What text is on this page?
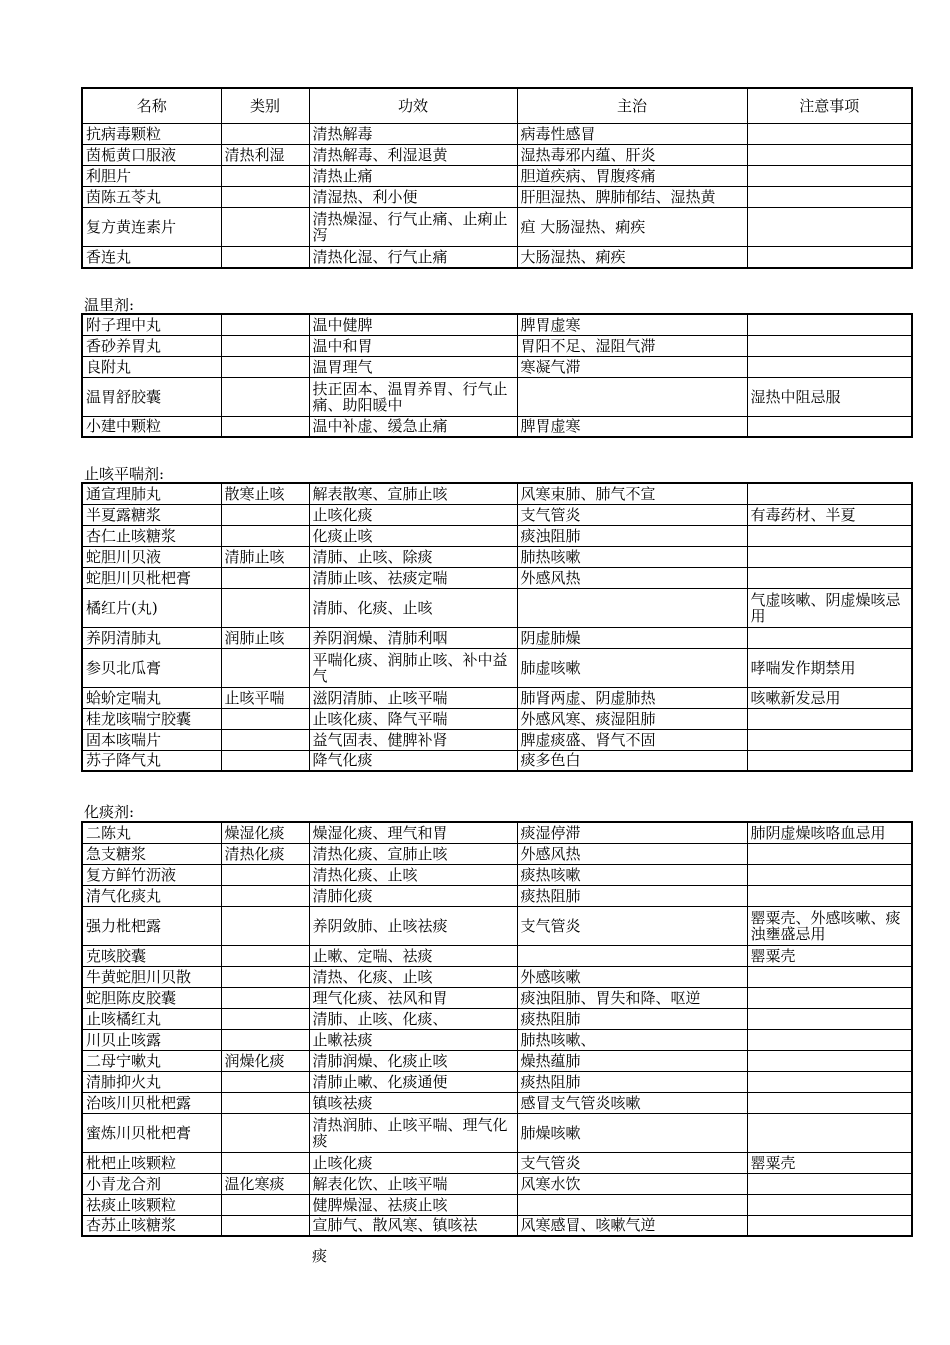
名称	类别	功效	主治	注意事项
抗病毒颗粒		清热解毒	病毒性感冒	
茵栀黄口服液	清热利湿	清热解毒、利湿退黄	湿热毒邪内蕴、肝炎	
利胆片		清热止痛	胆道疾病、胃腹疼痛	
茵陈五苓丸		清湿热、利小便	肝胆湿热、脾肺郁结、湿热黄	
复方黄连素片		清热燥湿、行气止痛、止痢止泻	疸 大肠湿热、痢疾	
香连丸		清热化湿、行气止痛	大肠湿热、痢疾	
温里剂:
附子理中丸		温中健脾	脾胃虚寒	
香砂养胃丸		温中和胃	胃阳不足、湿阻气滞	
良附丸		温胃理气	寒凝气滞	
温胃舒胶囊		扶正固本、温胃养胃、行气止痛、助阳暖中		湿热中阻忌服
小建中颗粒		温中补虚、缓急止痛	脾胃虚寒	
止咳平喘剂:
通宣理肺丸	散寒止咳	解表散寒、宣肺止咳	风寒束肺、肺气不宣	
半夏露糖浆		止咳化痰	支气管炎	有毒药材、半夏
杏仁止咳糖浆		化痰止咳	痰浊阻肺	
蛇胆川贝液	清肺止咳	清肺、止咳、除痰	肺热咳嗽	
蛇胆川贝枇杷膏		清肺止咳、祛痰定喘	外感风热	
橘红片(丸)		清肺、化痰、止咳		气虚咳嗽、阴虚燥咳忌用
养阴清肺丸	润肺止咳	养阴润燥、清肺利咽	阴虚肺燥	
参贝北瓜膏		平喘化痰、润肺止咳、补中益气	肺虚咳嗽	哮喘发作期禁用
蛤蚧定喘丸	止咳平喘	滋阴清肺、止咳平喘	肺肾两虚、阴虚肺热	咳嗽新发忌用
桂龙咳喘宁胶囊		止咳化痰、降气平喘	外感风寒、痰湿阻肺	
固本咳喘片		益气固表、健脾补肾	脾虚痰盛、肾气不固	
苏子降气丸		降气化痰	痰多色白	
化痰剂:
二陈丸	燥湿化痰	燥湿化痰、理气和胃	痰湿停滞	肺阴虚燥咳咯血忌用
急支糖浆	清热化痰	清热化痰、宣肺止咳	外感风热	
复方鲜竹沥液		清热化痰、止咳	痰热咳嗽	
清气化痰丸		清肺化痰	痰热阻肺	
强力枇杷露		养阴敛肺、止咳祛痰	支气管炎	罂粟壳、外感咳嗽、痰浊壅盛忌用
克咳胶囊		止嗽、定喘、祛痰		罂粟壳
牛黄蛇胆川贝散		清热、化痰、止咳	外感咳嗽	
蛇胆陈皮胶囊		理气化痰、祛风和胃	痰浊阻肺、胃失和降、呕逆	
止咳橘红丸		清肺、止咳、化痰、	痰热阻肺	
川贝止咳露		止嗽祛痰	肺热咳嗽、	
二母宁嗽丸	润燥化痰	清肺润燥、化痰止咳	燥热蕴肺	
清肺抑火丸		清肺止嗽、化痰通便	痰热阻肺	
治咳川贝枇杷露		镇咳祛痰	感冒支气管炎咳嗽	
蜜炼川贝枇杷膏		清热润肺、止咳平喘、理气化痰	肺燥咳嗽	
枇杷止咳颗粒		止咳化痰	支气管炎	罂粟壳
小青龙合剂	温化寒痰	解表化饮、止咳平喘	风寒水饮	
祛痰止咳颗粒		健脾燥湿、祛痰止咳		
杏苏止咳糖浆		宣肺气、散风寒、镇咳祛	风寒感冒、咳嗽气逆	
痰
